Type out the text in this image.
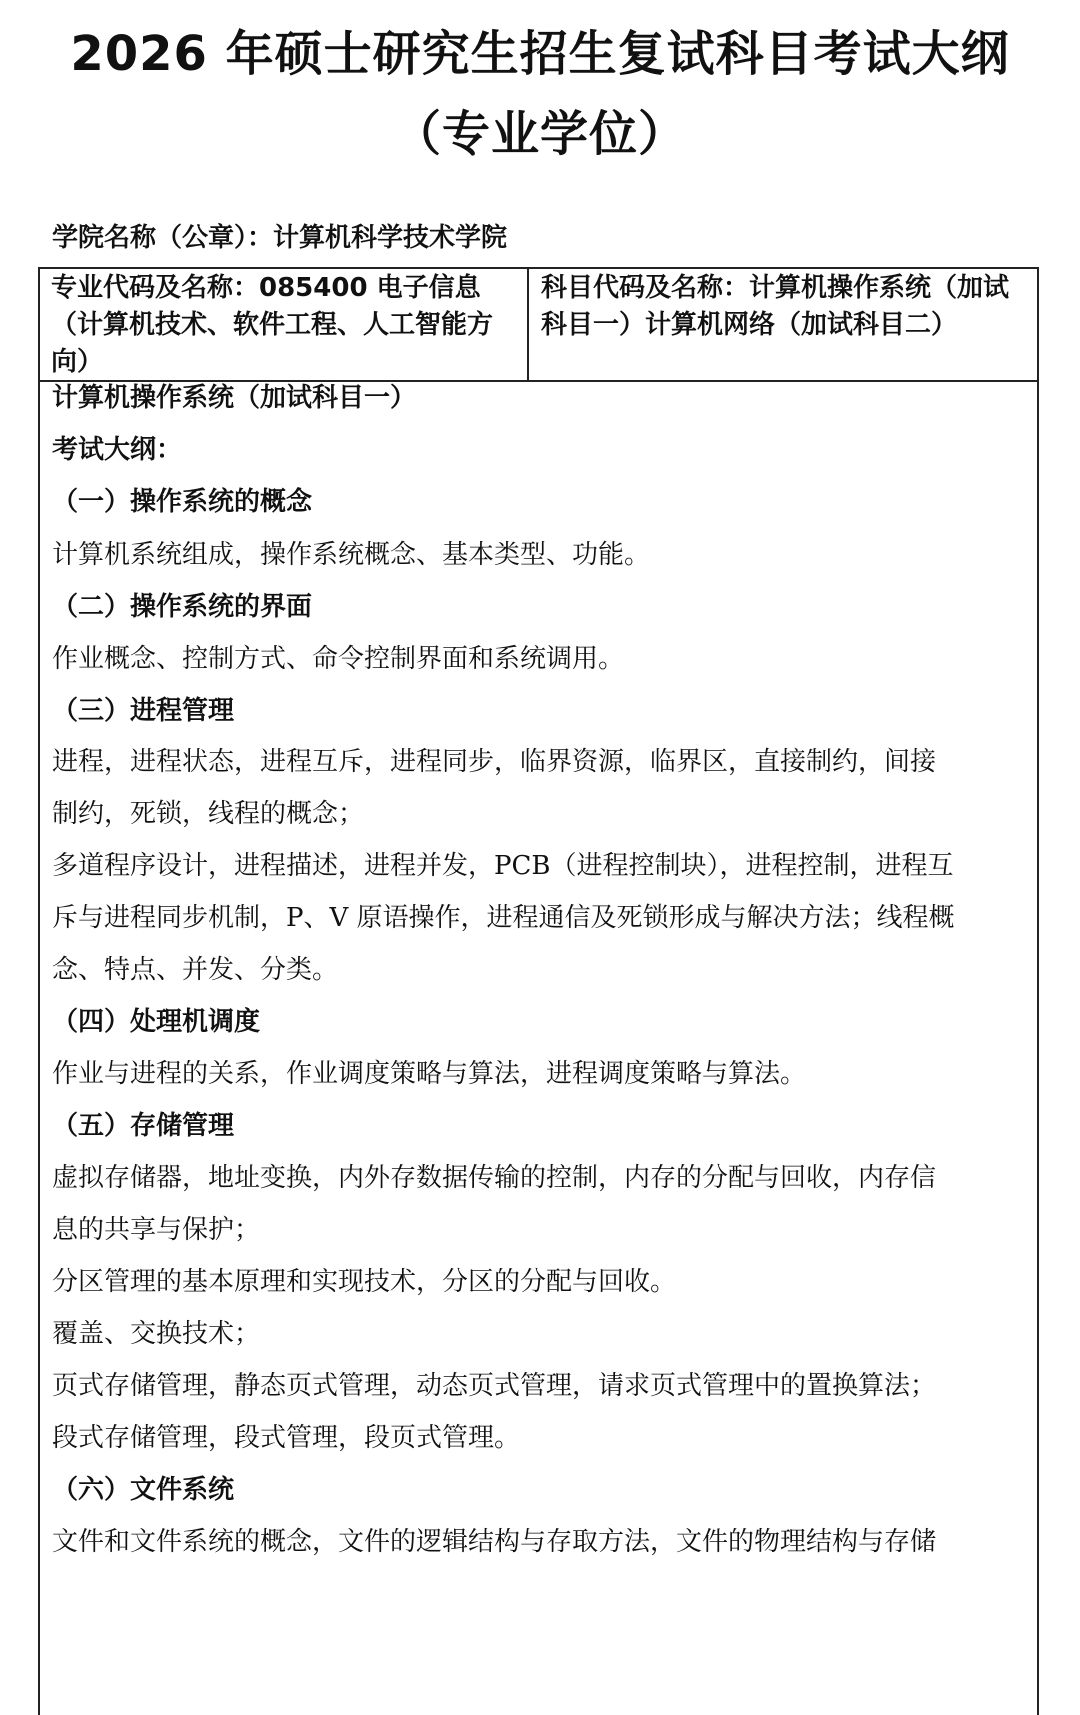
2026 年硕士研究生招生复试科目考试大纲
（专业学位）
学院名称（公章）：计算机科学技术学院
专业代码及名称：085400 电子信息（计算机技术、软件工程、人工智能方向）
科目代码及名称：计算机操作系统（加试科目一）计算机网络（加试科目二）
计算机操作系统（加试科目一）
考试大纲：
（一）操作系统的概念
计算机系统组成，操作系统概念、基本类型、功能。
（二）操作系统的界面
作业概念、控制方式、命令控制界面和系统调用。
（三）进程管理
进程，进程状态，进程互斥，进程同步，临界资源，临界区，直接制约，间接
制约，死锁，线程的概念；
多道程序设计，进程描述，进程并发，PCB（进程控制块），进程控制，进程互
斥与进程同步机制，P、V 原语操作，进程通信及死锁形成与解决方法；线程概
念、特点、并发、分类。
（四）处理机调度
作业与进程的关系，作业调度策略与算法，进程调度策略与算法。
（五）存储管理
虚拟存储器，地址变换，内外存数据传输的控制，内存的分配与回收，内存信
息的共享与保护；
分区管理的基本原理和实现技术，分区的分配与回收。
覆盖、交换技术；
页式存储管理，静态页式管理，动态页式管理，请求页式管理中的置换算法；
段式存储管理，段式管理，段页式管理。
（六）文件系统
文件和文件系统的概念，文件的逻辑结构与存取方法，文件的物理结构与存储
